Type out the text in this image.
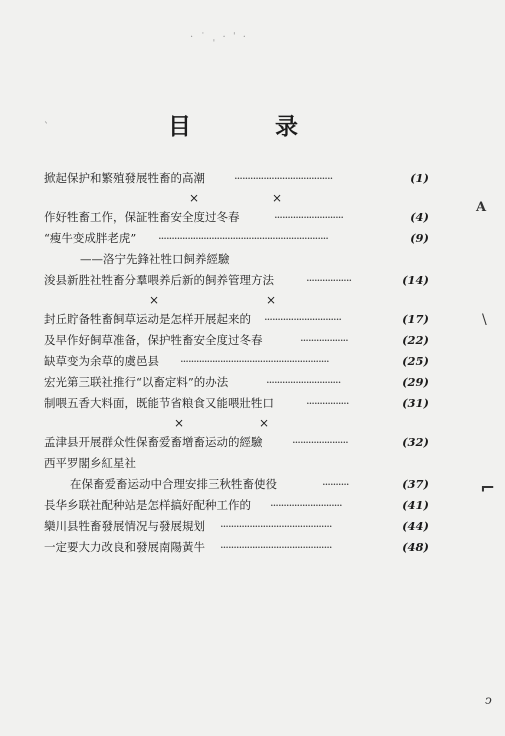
· ˙ ˌ · ˈ ·
目 录
ˋ
掀起保护和繁殖發展牲畜的高潮	·····································	(1)
×	×
作好牲畜工作，保証牲畜安全度过冬春	··························	(4)
“瘦牛变成胖老虎” ································································	(9)
——洛宁先鋒社牲口飼养經驗
浚县新胜社牲畜分羣喂养后新的飼养管理方法	·················	(14)
×	×
封丘貯备牲畜飼草运动是怎样开展起来的 ·····························	(17)
及早作好飼草准备，保护牲畜安全度过冬春	··················	(22)
缺草变为余草的虞邑县 ························································	(25)
宏光第三联社推行“以畜定料”的办法	····························	(29)
制喂五香大料面，既能节省粮食又能喂壯牲口	················	(31)
×	×
孟津县开展群众性保畜爱畜增畜运动的經驗	·····················	(32)
西平罗閣乡紅星社
在保畜爱畜运动中合理安排三秋牲畜使役	··········	(37)
長华乡联社配种站是怎样搞好配种工作的 ···························	(41)
欒川县牲畜發展情况与發展規划 ··········································	(44)
一定要大力改良和發展南陽黃牛 ··········································	(48)
A
\
⌐
ↄ
